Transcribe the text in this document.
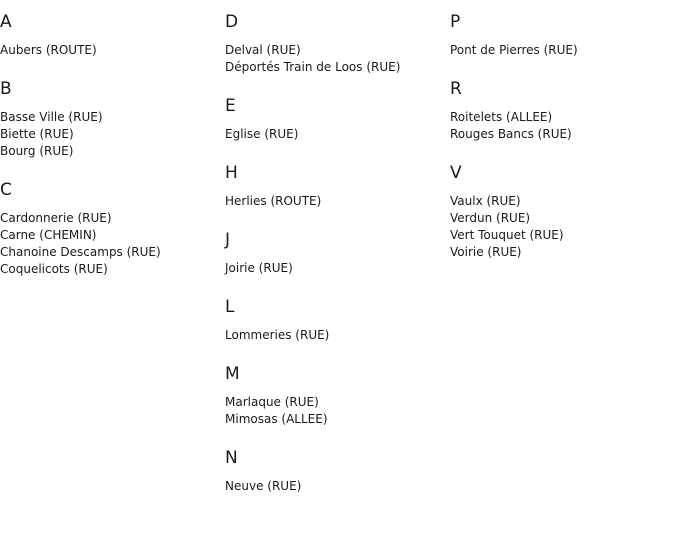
A
Aubers (ROUTE)
B
Basse Ville (RUE)
Biette (RUE)
Bourg (RUE)
C
Cardonnerie (RUE)
Carne (CHEMIN)
Chanoine Descamps (RUE)
Coquelicots (RUE)
D
Delval (RUE)
Déportés Train de Loos (RUE)
E
Eglise (RUE)
H
Herlies (ROUTE)
J
Joirie (RUE)
L
Lommeries (RUE)
M
Marlaque (RUE)
Mimosas (ALLEE)
N
Neuve (RUE)
P
Pont de Pierres (RUE)
R
Roitelets (ALLEE)
Rouges Bancs (RUE)
V
Vaulx (RUE)
Verdun (RUE)
Vert Touquet (RUE)
Voirie (RUE)
